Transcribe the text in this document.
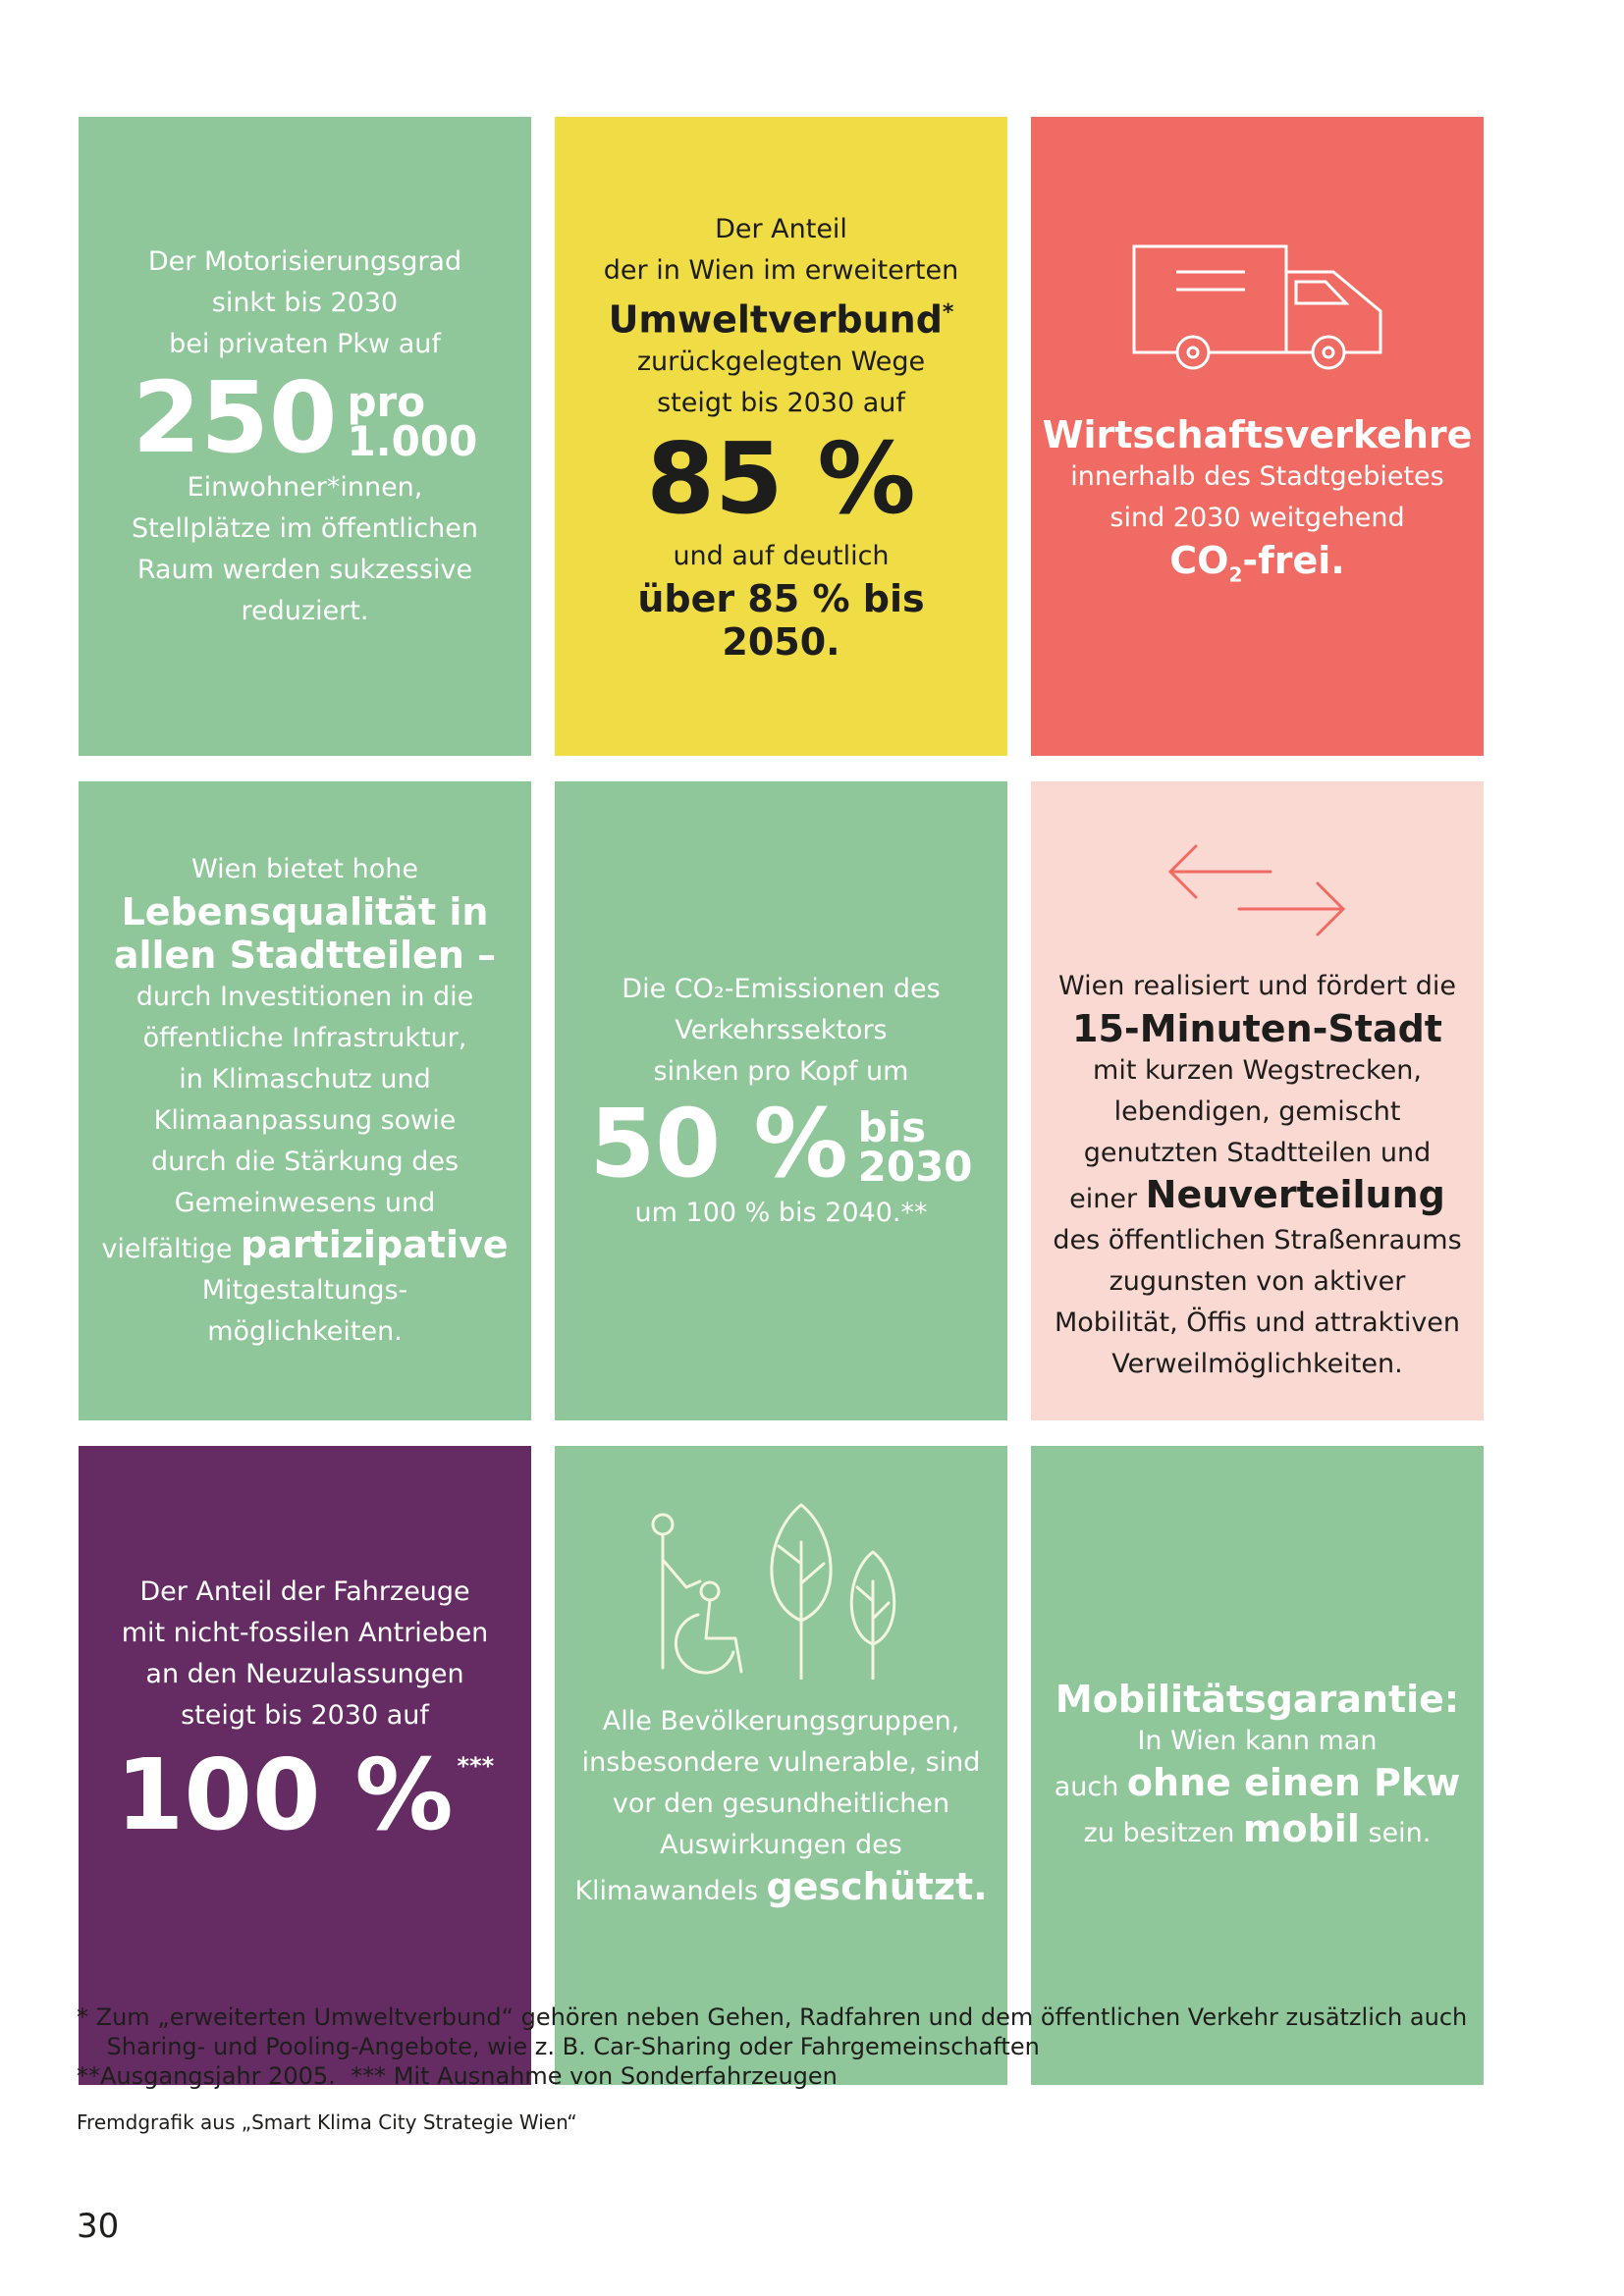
Der Motorisierungsgrad
sinkt bis 2030
bei privaten Pkw auf
250 pro
1.000
Einwohner*innen,
Stellplätze im öffentlichen
Raum werden sukzessive
reduziert.
Der Anteil
der in Wien im erweiterten
Umweltverbund*
zurückgelegten Wege
steigt bis 2030 auf
85 %
und auf deutlich
über 85 % bis 2050.
Wirtschaftsverkehre
innerhalb des Stadtgebietes
sind 2030 weitgehend
$CO_2$-frei.
Wien bietet hohe
Lebensqualität in
allen Stadtteilen –
durch Investitionen in die
öffentliche Infrastruktur,
in Klimaschutz und
Klimaanpassung sowie
durch die Stärkung des
Gemeinwesens und
vielfältige partizipative
Mitgestaltungs-
möglichkeiten.
Die CO₂-Emissionen des
Verkehrssektors
sinken pro Kopf um
50 % bis
2030
um 100 % bis 2040.**
Wien realisiert und fördert die
15-Minuten-Stadt
mit kurzen Wegstrecken,
lebendigen, gemischt
genutzten Stadtteilen und
einer Neuverteilung
des öffentlichen Straßenraums
zugunsten von aktiver
Mobilität, Öffis und attraktiven
Verweilmöglichkeiten.
Der Anteil der Fahrzeuge
mit nicht-fossilen Antrieben
an den Neuzulassungen
steigt bis 2030 auf
100 % ***
Alle Bevölkerungsgruppen,
insbesondere vulnerable, sind
vor den gesundheitlichen
Auswirkungen des
Klimawandels geschützt.
Mobilitätsgarantie:
In Wien kann man
auch ohne einen Pkw
zu besitzen mobil sein.
* Zum „erweiterten Umweltverbund“ gehören neben Gehen, Radfahren und dem öffentlichen Verkehr zusätzlich auch
Sharing- und Pooling-Angebote, wie z. B. Car-Sharing oder Fahrgemeinschaften
**Ausgangsjahr 2005.  *** Mit Ausnahme von Sonderfahrzeugen
Fremdgrafik aus „Smart Klima City Strategie Wien“
30
